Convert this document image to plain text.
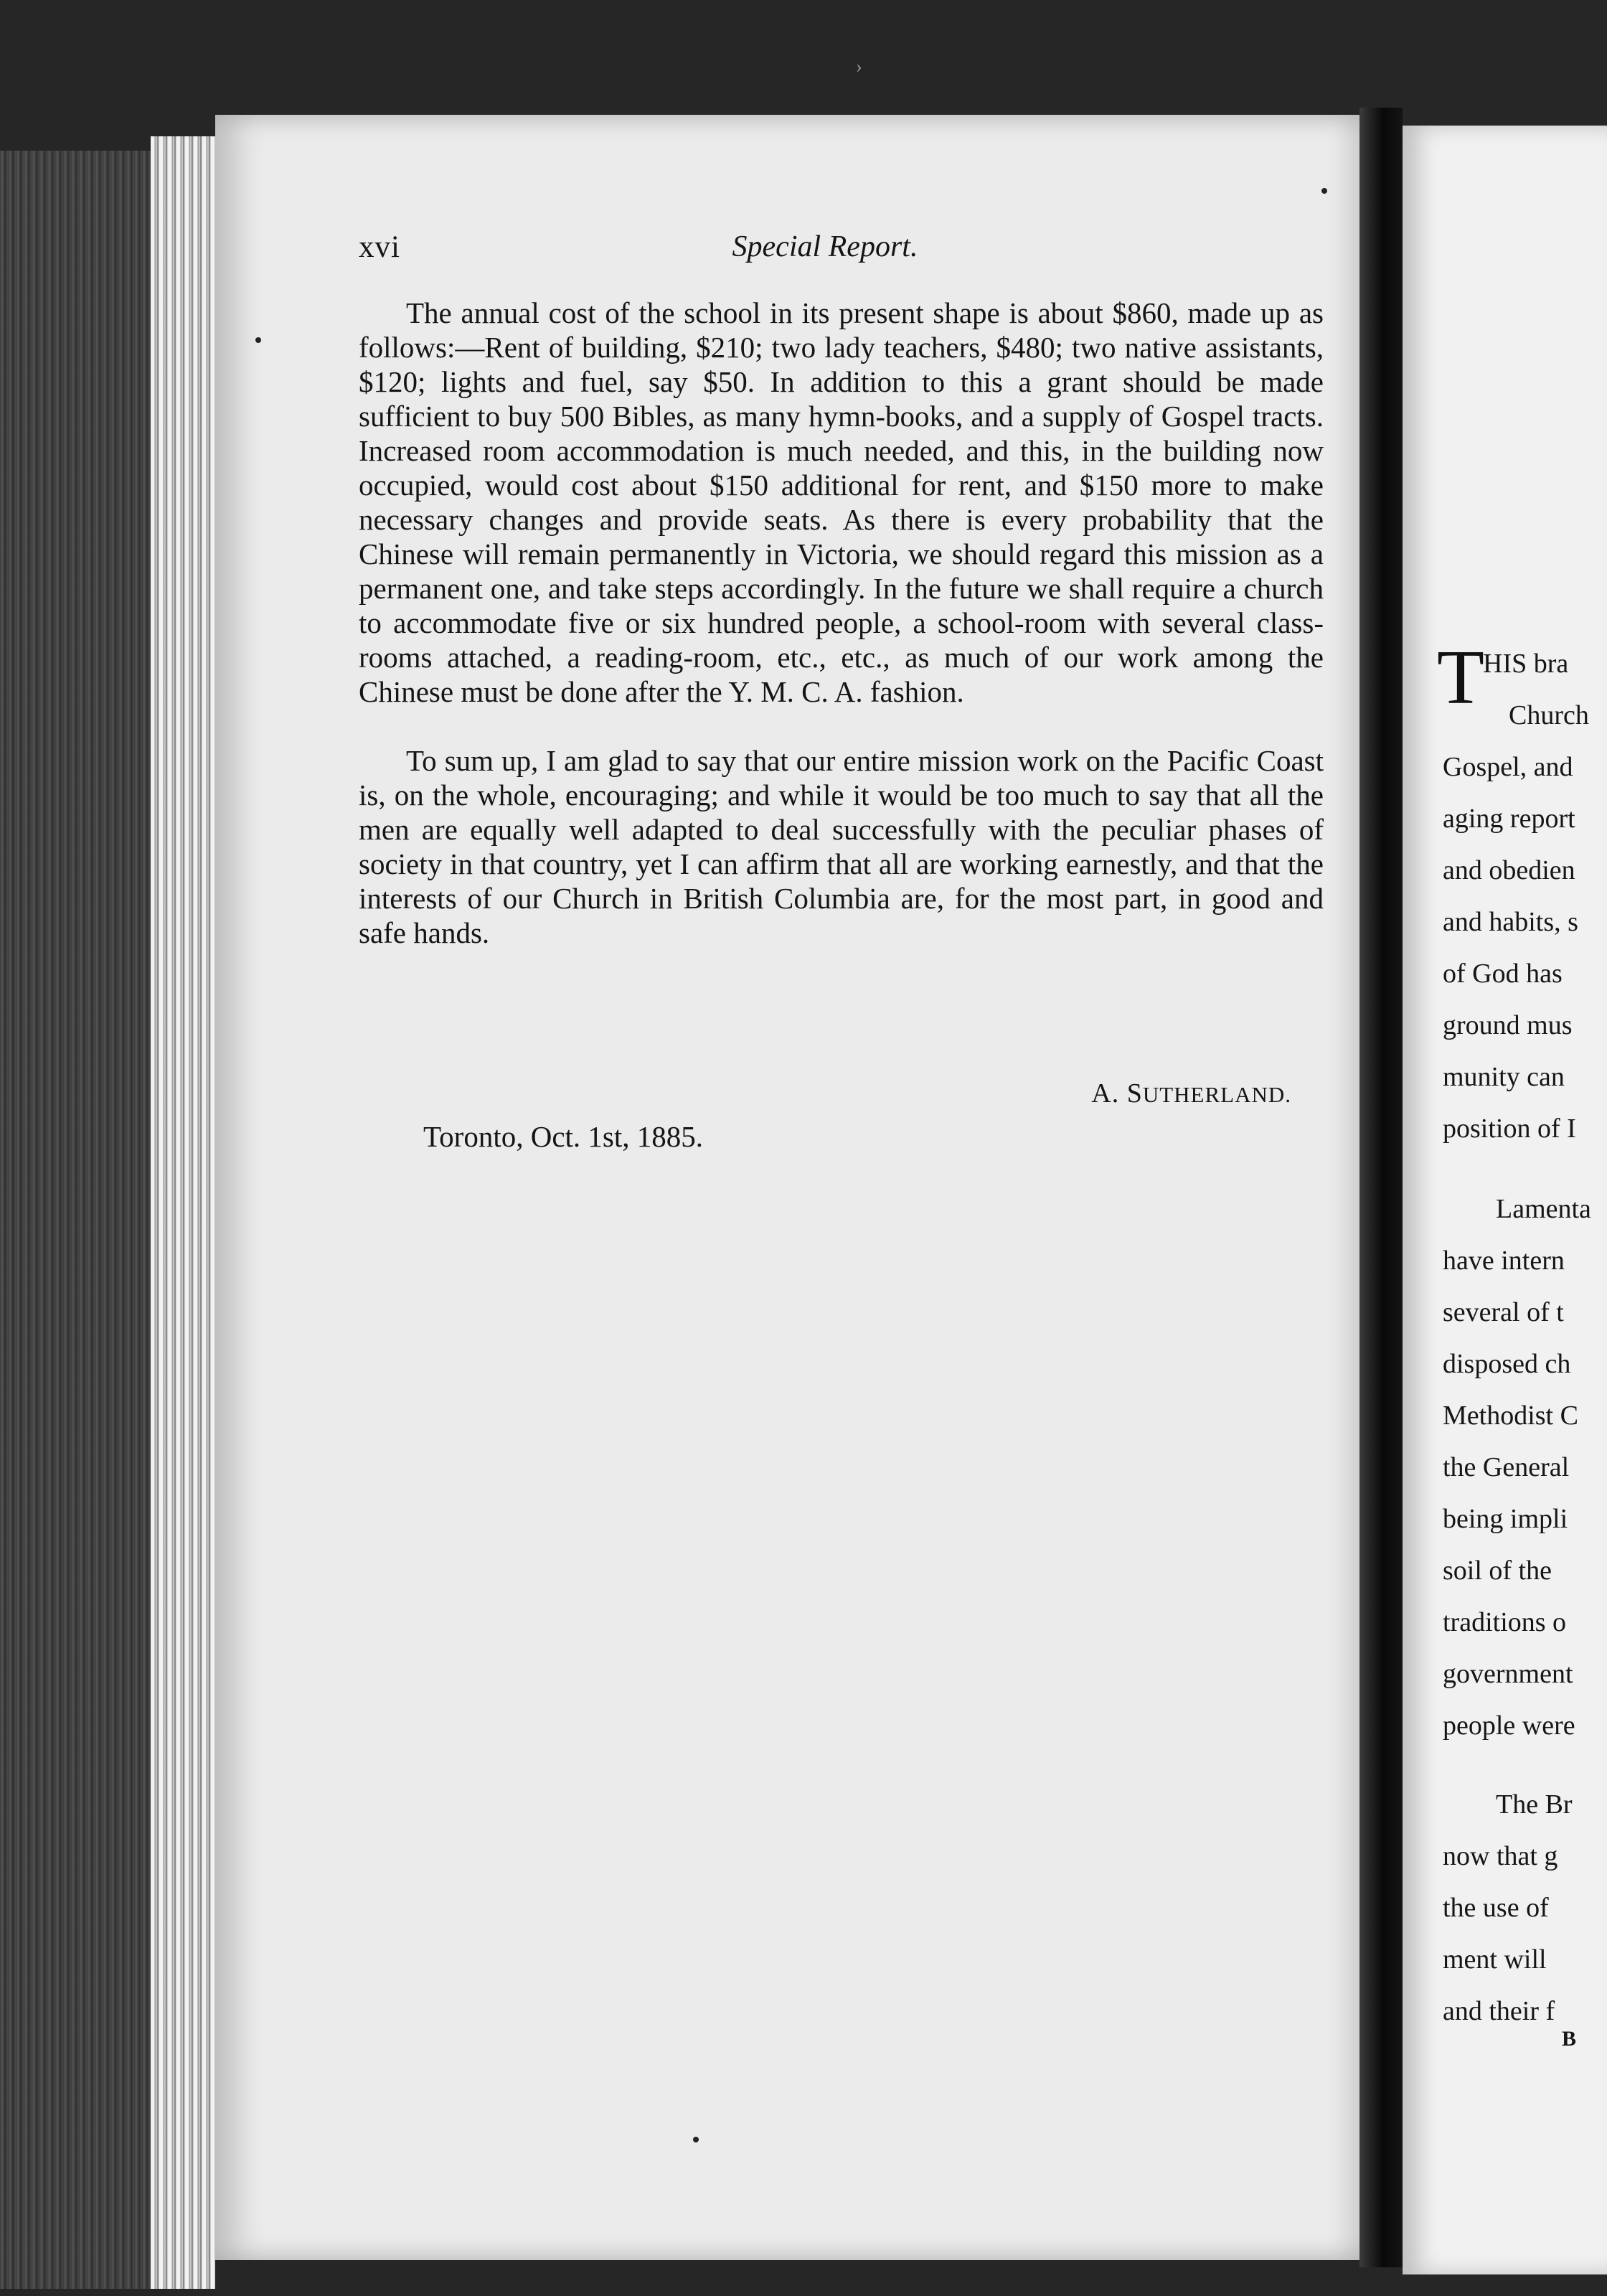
T
HIS bra
Church
Gospel, and
aging report
and obedien
and habits, s
of God has
ground mus
munity can
position of I
Lamenta
have intern
several of t
disposed ch
Methodist C
the General
being impli
soil of the
traditions o
government
people were
The Br
now that g
the use of
ment will
and their f
B
›
xvi	Special Report.

The annual cost of the school in its present shape is about $860, made up as follows:—Rent of building, $210; two lady teachers, $480; two native assistants, $120; lights and fuel, say $50. In addition to this a grant should be made sufficient to buy 500 Bibles, as many hymn-books, and a supply of Gospel tracts. Increased room accommodation is much needed, and this, in the building now occupied, would cost about $150 additional for rent, and $150 more to make necessary changes and provide seats. As there is every probability that the Chinese will remain permanently in Victoria, we should regard this mission as a permanent one, and take steps accordingly. In the future we shall require a church to accommodate five or six hundred people, a school-room with several class-rooms attached, a reading-room, etc., etc., as much of our work among the Chinese must be done after the Y. M. C. A. fashion.

To sum up, I am glad to say that our entire mission work on the Pacific Coast is, on the whole, encouraging; and while it would be too much to say that all the men are equally well adapted to deal successfully with the peculiar phases of society in that country, yet I can affirm that all are working earnestly, and that the interests of our Church in British Columbia are, for the most part, in good and safe hands.

A. SUTHERLAND.
Toronto, Oct. 1st, 1885.
